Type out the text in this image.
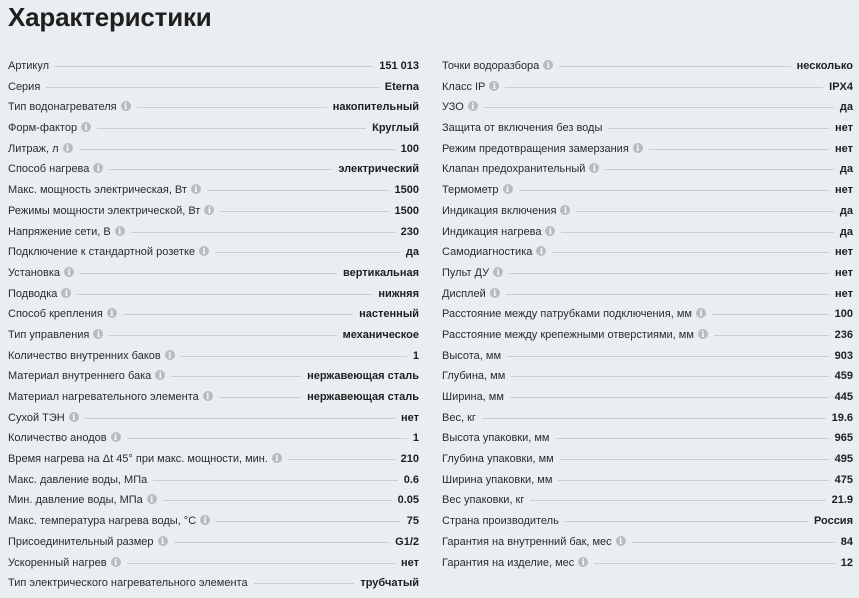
Характеристики
Артикул	151 013
Серия	Eterna
Тип водонагревателя i	накопительный
Форм-фактор i	Круглый
Литраж, л i	100
Способ нагрева i	электрический
Макс. мощность электрическая, Вт i	1500
Режимы мощности электрической, Вт i	1500
Напряжение сети, В i	230
Подключение к стандартной розетке i	да
Установка i	вертикальная
Подводка i	нижняя
Способ крепления i	настенный
Тип управления i	механическое
Количество внутренних баков i	1
Материал внутреннего бака i	нержавеющая сталь
Материал нагревательного элемента i	нержавеющая сталь
Сухой ТЭН i	нет
Количество анодов i	1
Время нагрева на Δt 45° при макс. мощности, мин. i	210
Макс. давление воды, МПа	0.6
Мин. давление воды, МПа i	0.05
Макс. температура нагрева воды, °С i	75
Присоединительный размер i	G1/2
Ускоренный нагрев i	нет
Тип электрического нагревательного элемента	трубчатый
Точки водоразбора i	несколько
Класс IP i	IPX4
УЗО i	да
Защита от включения без воды	нет
Режим предотвращения замерзания i	нет
Клапан предохранительный i	да
Термометр i	нет
Индикация включения i	да
Индикация нагрева i	да
Самодиагностика i	нет
Пульт ДУ i	нет
Дисплей i	нет
Расстояние между патрубками подключения, мм i	100
Расстояние между крепежными отверстиями, мм i	236
Высота, мм	903
Глубина, мм	459
Ширина, мм	445
Вес, кг	19.6
Высота упаковки, мм	965
Глубина упаковки, мм	495
Ширина упаковки, мм	475
Вес упаковки, кг	21.9
Страна производитель	Россия
Гарантия на внутренний бак, мес i	84
Гарантия на изделие, мес i	12
